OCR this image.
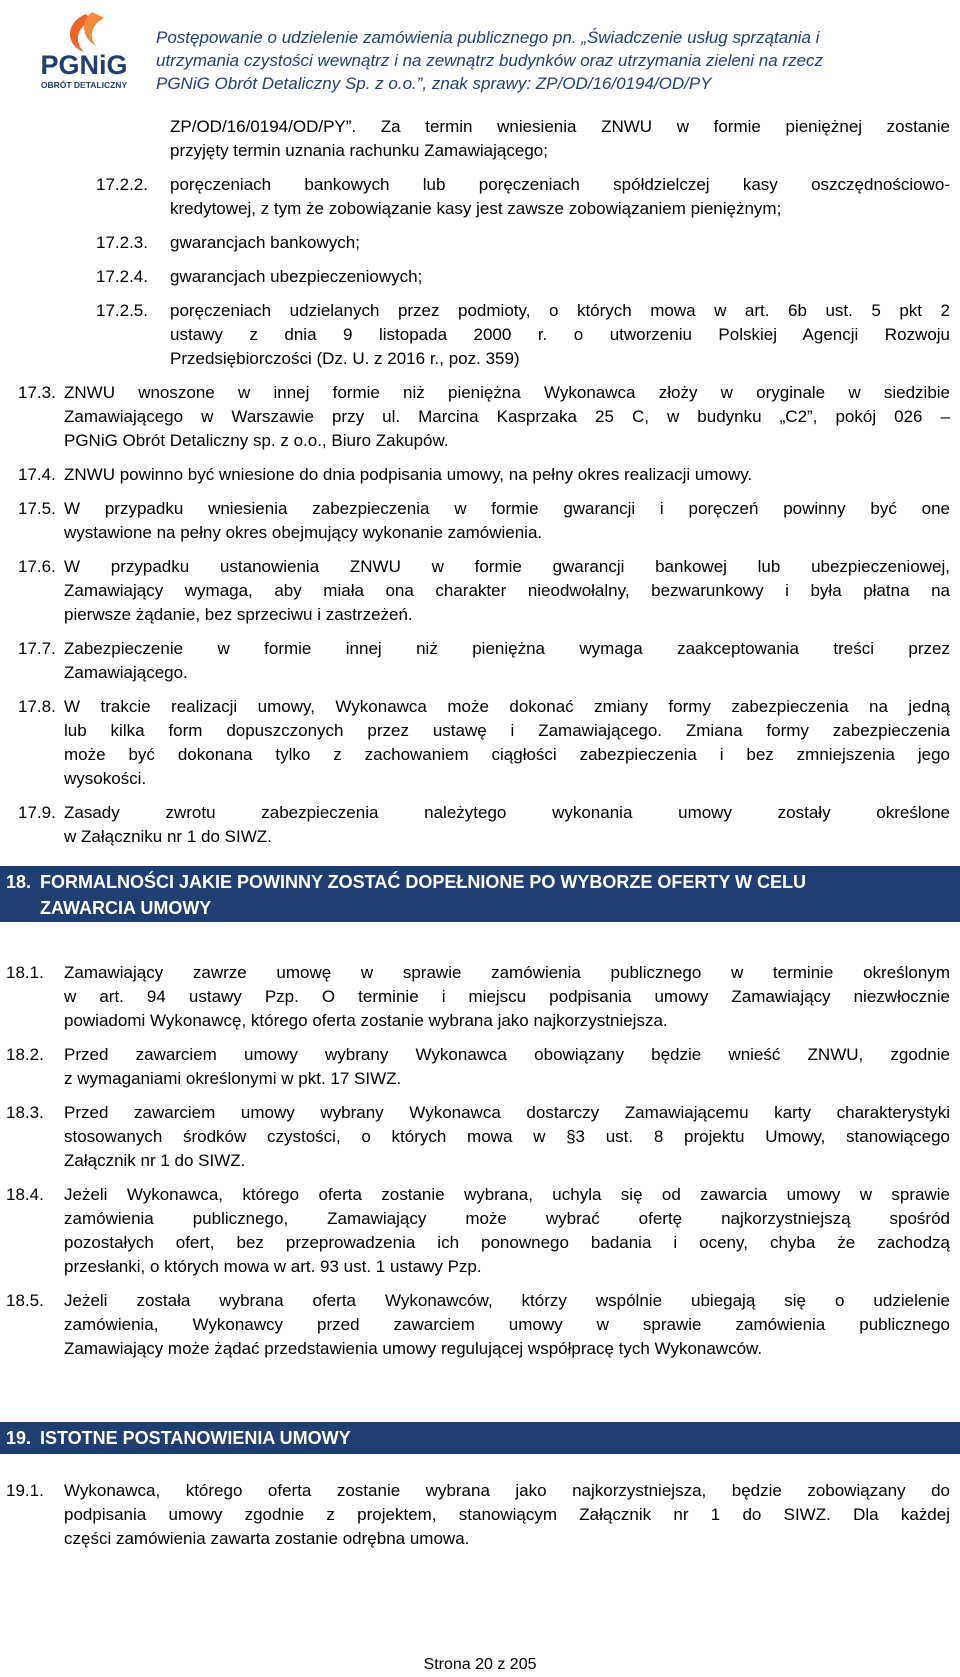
PGNiG
OBRÓT DETALICZNY
Postępowanie o udzielenie zamówienia publicznego pn. „Świadczenie usług sprzątania i
utrzymania czystości wewnątrz i na zewnątrz budynków oraz utrzymania zieleni na rzecz
PGNiG Obrót Detaliczny Sp. z o.o.”, znak sprawy: ZP/OD/16/0194/OD/PY
ZP/OD/16/0194/OD/PY”. Za termin wniesienia ZNWU w formie pieniężnej zostanie
przyjęty termin uznania rachunku Zamawiającego;
17.2.2. poręczeniach bankowych lub poręczeniach spółdzielczej kasy oszczędnościowo-
kredytowej, z tym że zobowiązanie kasy jest zawsze zobowiązaniem pieniężnym;
17.2.3. gwarancjach bankowych;
17.2.4. gwarancjach ubezpieczeniowych;
17.2.5. poręczeniach udzielanych przez podmioty, o których mowa w art. 6b ust. 5 pkt 2
ustawy z dnia 9 listopada 2000 r. o utworzeniu Polskiej Agencji Rozwoju
Przedsiębiorczości (Dz. U. z 2016 r., poz. 359)
17.3. ZNWU wnoszone w innej formie niż pieniężna Wykonawca złoży w oryginale w siedzibie
Zamawiającego w Warszawie przy ul. Marcina Kasprzaka 25 C, w budynku „C2”, pokój 026 –
PGNiG Obrót Detaliczny sp. z o.o., Biuro Zakupów.
17.4. ZNWU powinno być wniesione do dnia podpisania umowy, na pełny okres realizacji umowy.
17.5. W przypadku wniesienia zabezpieczenia w formie gwarancji i poręczeń powinny być one
wystawione na pełny okres obejmujący wykonanie zamówienia.
17.6. W przypadku ustanowienia ZNWU w formie gwarancji bankowej lub ubezpieczeniowej,
Zamawiający wymaga, aby miała ona charakter nieodwołalny, bezwarunkowy i była płatna na
pierwsze żądanie, bez sprzeciwu i zastrzeżeń.
17.7. Zabezpieczenie w formie innej niż pieniężna wymaga zaakceptowania treści przez
Zamawiającego.
17.8. W trakcie realizacji umowy, Wykonawca może dokonać zmiany formy zabezpieczenia na jedną
lub kilka form dopuszczonych przez ustawę i Zamawiającego. Zmiana formy zabezpieczenia
może być dokonana tylko z zachowaniem ciągłości zabezpieczenia i bez zmniejszenia jego
wysokości.
17.9. Zasady zwrotu zabezpieczenia należytego wykonania umowy zostały określone
w Załączniku nr 1 do SIWZ.
18. FORMALNOŚCI JAKIE POWINNY ZOSTAĆ DOPEŁNIONE PO WYBORZE OFERTY W CELU
ZAWARCIA UMOWY
18.1. Zamawiający zawrze umowę w sprawie zamówienia publicznego w terminie określonym
w art. 94 ustawy Pzp. O terminie i miejscu podpisania umowy Zamawiający niezwłocznie
powiadomi Wykonawcę, którego oferta zostanie wybrana jako najkorzystniejsza.
18.2. Przed zawarciem umowy wybrany Wykonawca obowiązany będzie wnieść ZNWU, zgodnie
z wymaganiami określonymi w pkt. 17 SIWZ.
18.3. Przed zawarciem umowy wybrany Wykonawca dostarczy Zamawiającemu karty charakterystyki
stosowanych środków czystości, o których mowa w §3 ust. 8 projektu Umowy, stanowiącego
Załącznik nr 1 do SIWZ.
18.4. Jeżeli Wykonawca, którego oferta zostanie wybrana, uchyla się od zawarcia umowy w sprawie
zamówienia publicznego, Zamawiający może wybrać ofertę najkorzystniejszą spośród
pozostałych ofert, bez przeprowadzenia ich ponownego badania i oceny, chyba że zachodzą
przesłanki, o których mowa w art. 93 ust. 1 ustawy Pzp.
18.5. Jeżeli została wybrana oferta Wykonawców, którzy wspólnie ubiegają się o udzielenie
zamówienia, Wykonawcy przed zawarciem umowy w sprawie zamówienia publicznego
Zamawiający może żądać przedstawienia umowy regulującej współpracę tych Wykonawców.
19. ISTOTNE POSTANOWIENIA UMOWY
19.1. Wykonawca, którego oferta zostanie wybrana jako najkorzystniejsza, będzie zobowiązany do
podpisania umowy zgodnie z projektem, stanowiącym Załącznik nr 1 do SIWZ. Dla każdej
części zamówienia zawarta zostanie odrębna umowa.
Strona 20 z 205
